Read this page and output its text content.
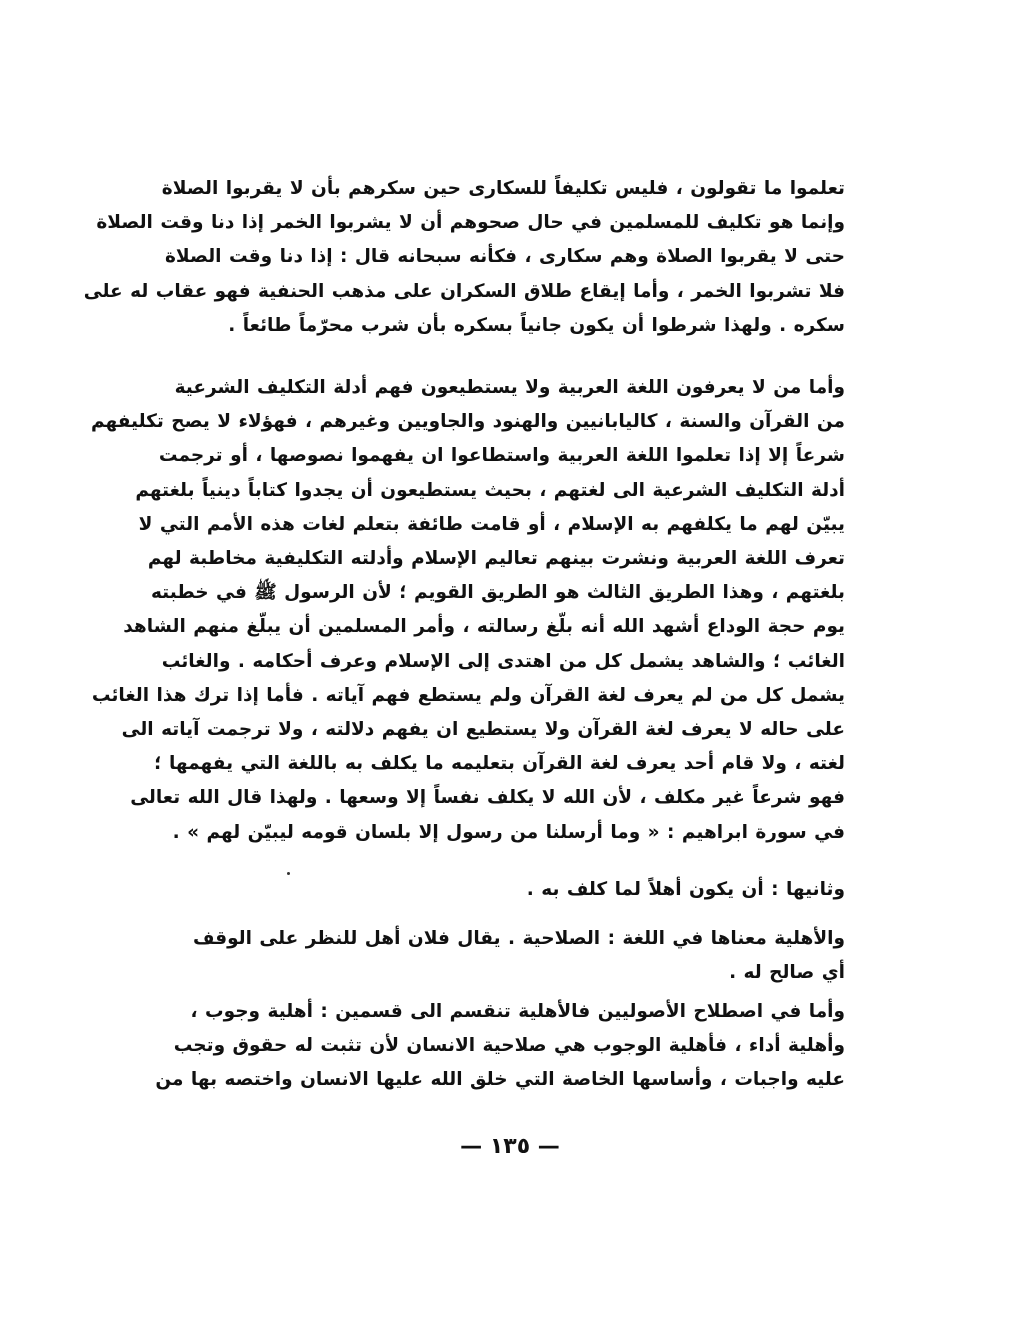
تعلموا ما تقولون ، فليس تكليفاً للسكارى حين سكرهم بأن لا يقربوا الصلاة
وإنما هو تكليف للمسلمين في حال صحوهم أن لا يشربوا الخمر إذا دنا وقت الصلاة
حتى لا يقربوا الصلاة وهم سكارى ، فكأنه سبحانه قال : إذا دنا وقت الصلاة
فلا تشربوا الخمر ، وأما إيقاع طلاق السكران على مذهب الحنفية فهو عقاب له على
سكره . ولهذا شرطوا أن يكون جانياً بسكره بأن شرب محرّماً طائعاً .
وأما من لا يعرفون اللغة العربية ولا يستطيعون فهم أدلة التكليف الشرعية
من القرآن والسنة ، كاليابانيين والهنود والجاويين وغيرهم ، فهؤلاء لا يصح تكليفهم
شرعاً إلا إذا تعلموا اللغة العربية واستطاعوا ان يفهموا نصوصها ، أو ترجمت
أدلة التكليف الشرعية الى لغتهم ، بحيث يستطيعون أن يجدوا كتاباً دينياً بلغتهم
يبيّن لهم ما يكلفهم به الإسلام ، أو قامت طائفة بتعلم لغات هذه الأمم التي لا
تعرف اللغة العربية ونشرت بينهم تعاليم الإسلام وأدلته التكليفية مخاطبة لهم
بلغتهم ، وهذا الطريق الثالث هو الطريق القويم ؛ لأن الرسول ﷺ في خطبته
يوم حجة الوداع أشهد الله أنه بلّغ رسالته ، وأمر المسلمين أن يبلّغ منهم الشاهد
الغائب ؛ والشاهد يشمل كل من اهتدى إلى الإسلام وعرف أحكامه . والغائب
يشمل كل من لم يعرف لغة القرآن ولم يستطع فهم آياته . فأما إذا ترك هذا الغائب
على حاله لا يعرف لغة القرآن ولا يستطيع ان يفهم دلالته ، ولا ترجمت آياته الى
لغته ، ولا قام أحد يعرف لغة القرآن بتعليمه ما يكلف به باللغة التي يفهمها ؛
فهو شرعاً غير مكلف ، لأن الله لا يكلف نفساً إلا وسعها . ولهذا قال الله تعالى
في سورة ابراهيم : « وما أرسلنا من رسول إلا بلسان قومه ليبيّن لهم » .
وثانيها : أن يكون أهلاً لما كلف به .
والأهلية معناها في اللغة : الصلاحية . يقال فلان أهل للنظر على الوقف
أي صالح له .
وأما في اصطلاح الأصوليين فالأهلية تنقسم الى قسمين : أهلية وجوب ،
وأهلية أداء ، فأهلية الوجوب هي صلاحية الانسان لأن تثبت له حقوق وتجب
عليه واجبات ، وأساسها الخاصة التي خلق الله عليها الانسان واختصه بها من
— ١٣٥ —
